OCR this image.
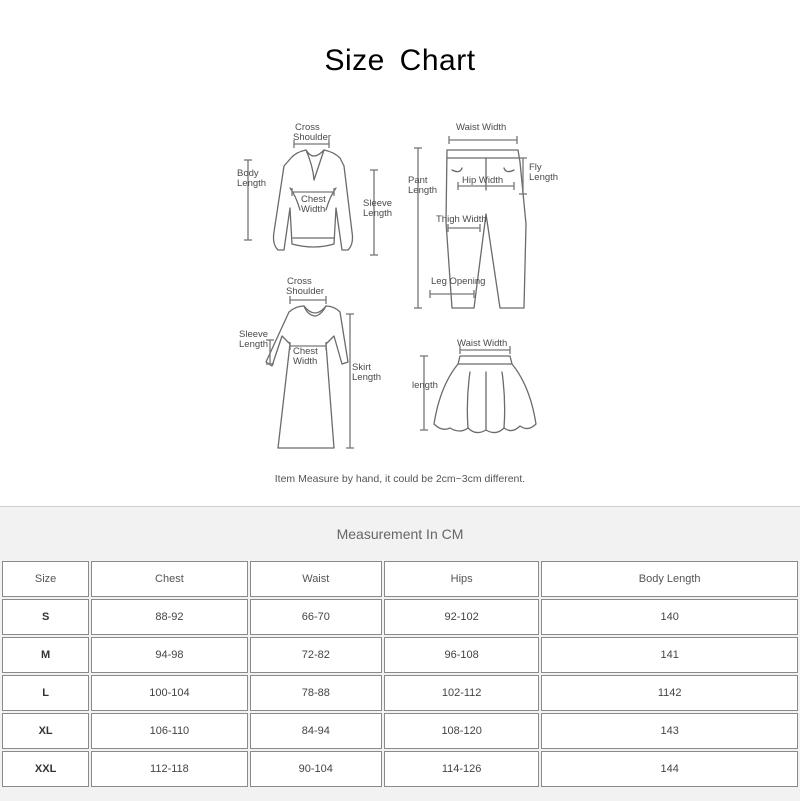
Size Chart
Cross
Shoulder
Body
Length
Chest
Width
Sleeve
Length
Waist Width
Pant
Length
Hip Width
Fly
Length
Thigh Width
Leg Opening
Cross
Shoulder
Sleeve
Length
Chest
Width
Skirt
Length
Waist Width
length
Item Measure by hand, it could be 2cm~3cm different.
Measurement In CM
Size	Chest	Waist	Hips	Body Length
S	88-92	66-70	92-102	140
M	94-98	72-82	96-108	141
L	100-104	78-88	102-112	1142
XL	106-110	84-94	108-120	143
XXL	112-118	90-104	114-126	144
